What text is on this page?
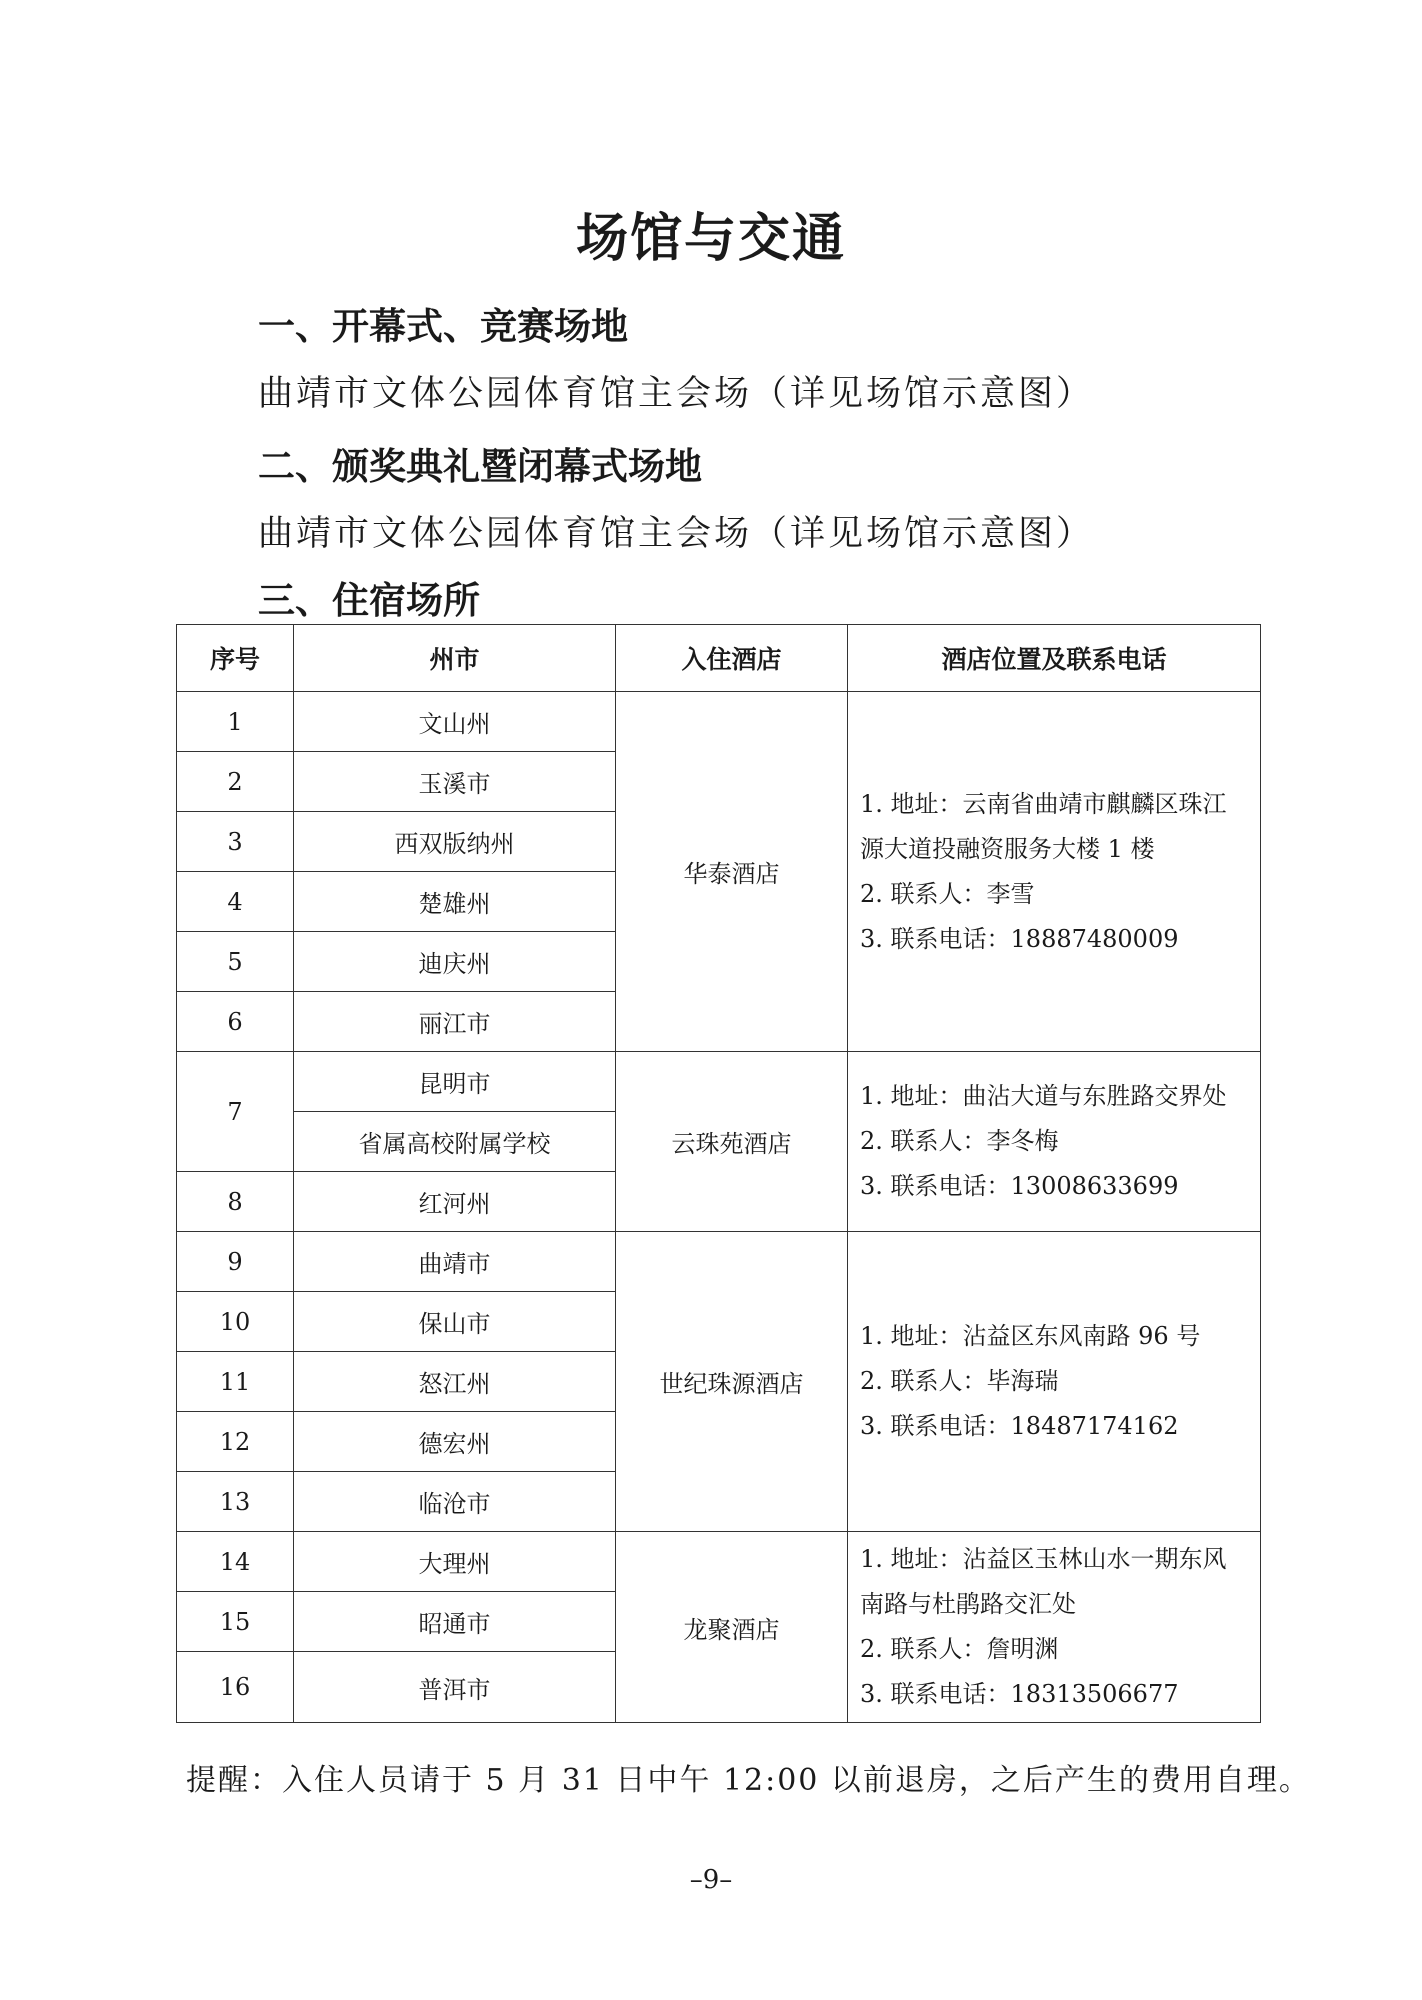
场馆与交通
一、开幕式、竞赛场地

曲靖市文体公园体育馆主会场（详见场馆示意图）

二、颁奖典礼暨闭幕式场地

曲靖市文体公园体育馆主会场（详见场馆示意图）

三、住宿场所
序号	州市	入住酒店	酒店位置及联系电话
1	文山州	华泰酒店	1. 地址：云南省曲靖市麒麟区珠江
源大道投融资服务大楼 1 楼
2. 联系人：李雪
3. 联系电话：18887480009

2	玉溪市		
3	西双版纳州		
4	楚雄州		
5	迪庆州		
6	丽江市		
7	昆明市	云珠苑酒店	1. 地址：曲沾大道与东胜路交界处
2. 联系人：李冬梅
3. 联系电话：13008633699

	省属高校附属学校		
8	红河州		
9	曲靖市	世纪珠源酒店	1. 地址：沾益区东风南路 96 号
2. 联系人：毕海瑞
3. 联系电话：18487174162

10	保山市		
11	怒江州		
12	德宏州		
13	临沧市		
14	大理州	龙聚酒店	1. 地址：沾益区玉林山水一期东风
南路与杜鹃路交汇处
2. 联系人：詹明渊
3. 联系电话：18313506677

15	昭通市		
16	普洱市		

提醒：入住人员请于 5 月 31 日中午 12:00 以前退房，之后产生的费用自理。

–9–
